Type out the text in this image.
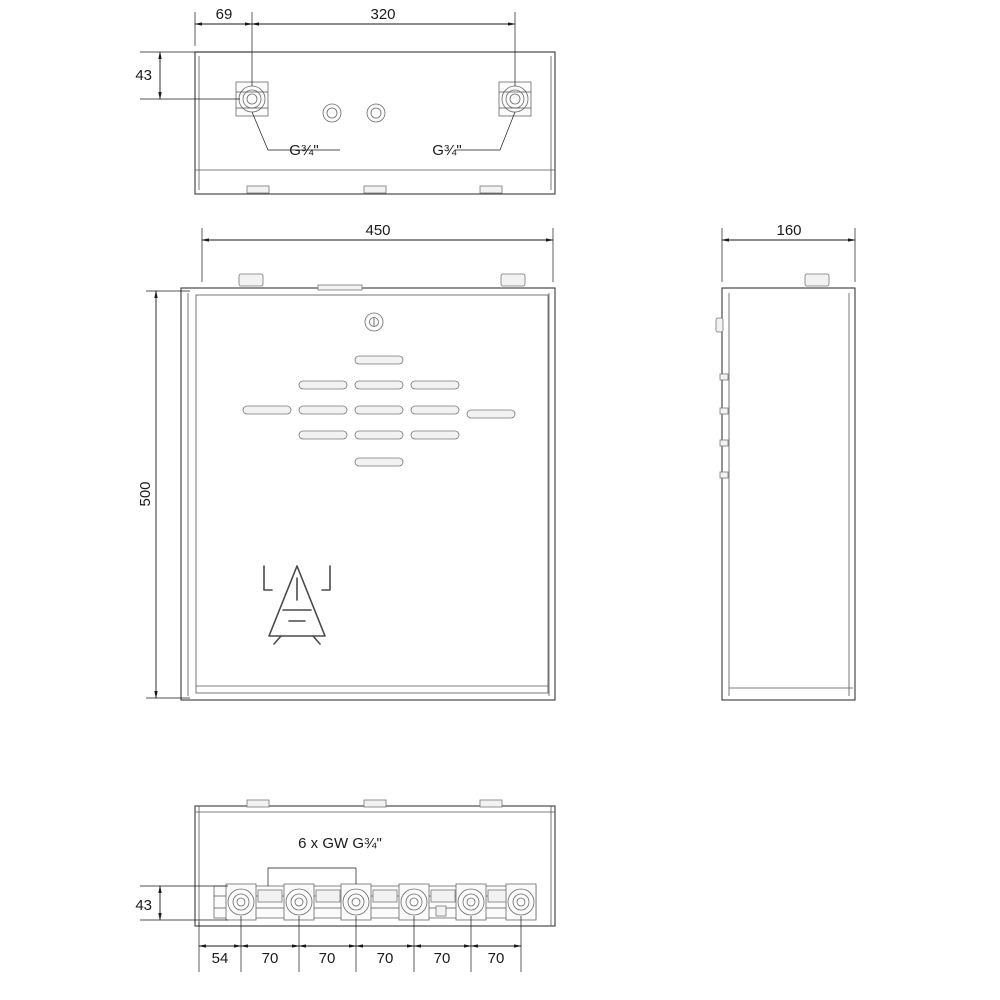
G¾"	G¾"
69	320
43
450
500
160
6 x GW G¾"
43
54 70	70	70	70 70
